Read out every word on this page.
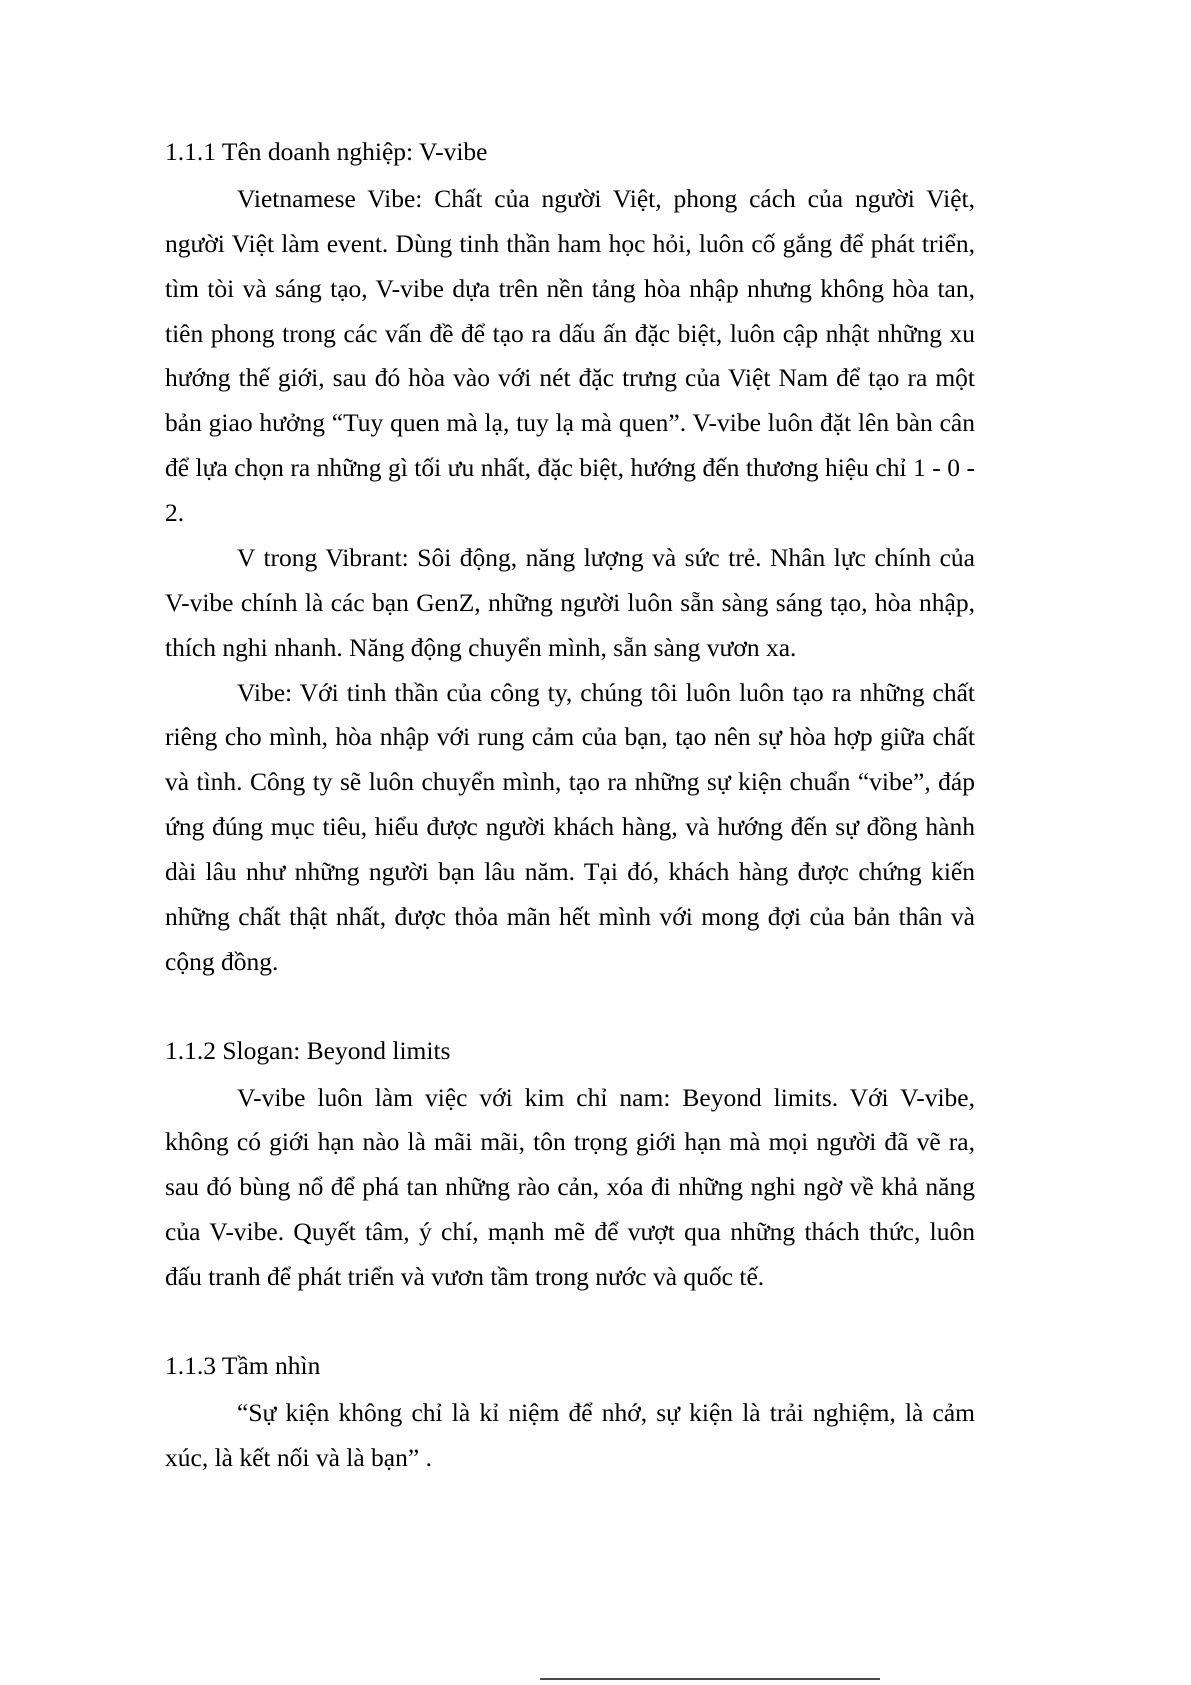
1.1.1 Tên doanh nghiệp: V-vibe

Vietnamese Vibe: Chất của người Việt, phong cách của người Việt, người Việt làm event. Dùng tinh thần ham học hỏi, luôn cố gắng để phát triển, tìm tòi và sáng tạo, V-vibe dựa trên nền tảng hòa nhập nhưng không hòa tan, tiên phong trong các vấn đề để tạo ra dấu ấn đặc biệt, luôn cập nhật những xu hướng thế giới, sau đó hòa vào với nét đặc trưng của Việt Nam để tạo ra một bản giao hưởng “Tuy quen mà lạ, tuy lạ mà quen”. V-vibe luôn đặt lên bàn cân để lựa chọn ra những gì tối ưu nhất, đặc biệt, hướng đến thương hiệu chỉ 1 - 0 - 2.

V trong Vibrant: Sôi động, năng lượng và sức trẻ. Nhân lực chính của V-vibe chính là các bạn GenZ, những người luôn sẵn sàng sáng tạo, hòa nhập, thích nghi nhanh. Năng động chuyển mình, sẵn sàng vươn xa.

Vibe: Với tinh thần của công ty, chúng tôi luôn luôn tạo ra những chất riêng cho mình, hòa nhập với rung cảm của bạn, tạo nên sự hòa hợp giữa chất và tình. Công ty sẽ luôn chuyển mình, tạo ra những sự kiện chuẩn “vibe”, đáp ứng đúng mục tiêu, hiểu được người khách hàng, và hướng đến sự đồng hành dài lâu như những người bạn lâu năm. Tại đó, khách hàng được chứng kiến những chất thật nhất, được thỏa mãn hết mình với mong đợi của bản thân và cộng đồng.

1.1.2 Slogan: Beyond limits

V-vibe luôn làm việc với kim chỉ nam: Beyond limits. Với V-vibe, không có giới hạn nào là mãi mãi, tôn trọng giới hạn mà mọi người đã vẽ ra, sau đó bùng nổ để phá tan những rào cản, xóa đi những nghi ngờ về khả năng của V-vibe. Quyết tâm, ý chí, mạnh mẽ để vượt qua những thách thức, luôn đấu tranh để phát triển và vươn tầm trong nước và quốc tế.

1.1.3 Tầm nhìn

“Sự kiện không chỉ là kỉ niệm để nhớ, sự kiện là trải nghiệm, là cảm xúc, là kết nối và là bạn” .
